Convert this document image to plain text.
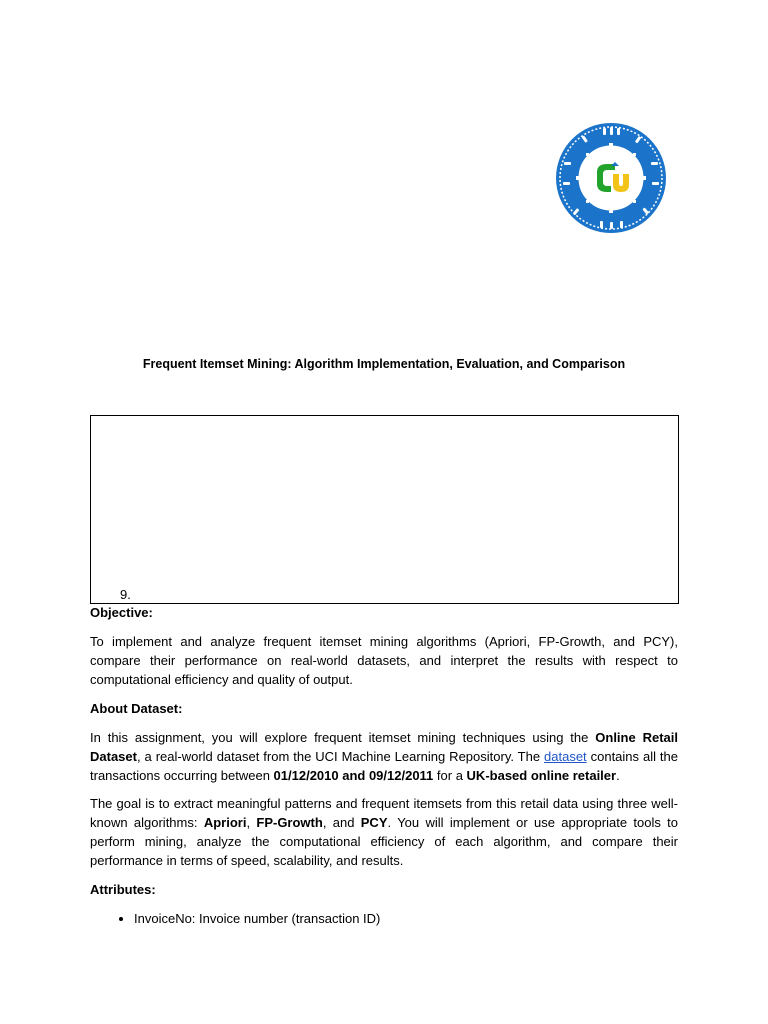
Frequent Itemset Mining: Algorithm Implementation, Evaluation, and Comparison
9.
Objective:

To implement and analyze frequent itemset mining algorithms (Apriori, FP-Growth, and PCY), compare their performance on real-world datasets, and interpret the results with respect to computational efficiency and quality of output.

About Dataset:

In this assignment, you will explore frequent itemset mining techniques using the Online Retail Dataset, a real-world dataset from the UCI Machine Learning Repository. The dataset contains all the transactions occurring between 01/12/2010 and 09/12/2011 for a UK-based online retailer.

The goal is to extract meaningful patterns and frequent itemsets from this retail data using three well-known algorithms: Apriori, FP-Growth, and PCY. You will implement or use appropriate tools to perform mining, analyze the computational efficiency of each algorithm, and compare their performance in terms of speed, scalability, and results.

Attributes:
• InvoiceNo: Invoice number (transaction ID)
